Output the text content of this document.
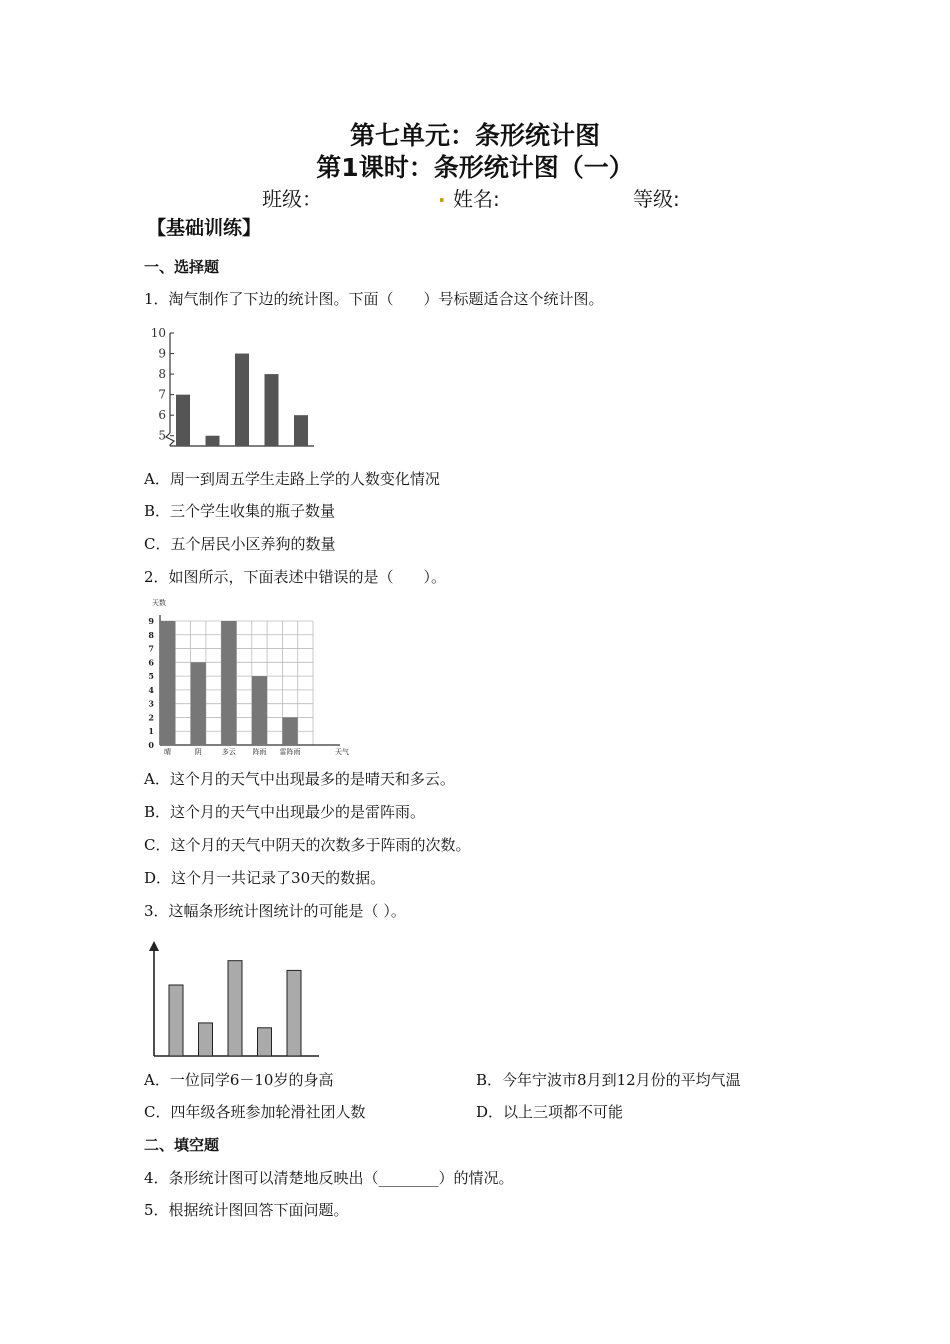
第七单元：条形统计图
第1课时：条形统计图（一）
班级：	. 姓名:	等级:
【基础训练】
一、选择题
1．淘气制作了下边的统计图。下面（　　）号标题适合这个统计图。
10
9
8
7
6
5
A．周一到周五学生走路上学的人数变化情况
B．三个学生收集的瓶子数量
C．五个居民小区养狗的数量
2．如图所示，下面表述中错误的是（　　）。
0
1
2
3
4
5
6
7
8
9
天数
天气
晴	阴	多云 阵雨 雷阵雨
A．这个月的天气中出现最多的是晴天和多云。
B．这个月的天气中出现最少的是雷阵雨。
C．这个月的天气中阴天的次数多于阵雨的次数。
D．这个月一共记录了30天的数据。
3．这幅条形统计图统计的可能是（ ）。
A．一位同学6－10岁的身高	B．今年宁波市8月到12月份的平均气温
C．四年级各班参加轮滑社团人数	D．以上三项都不可能
二、填空题
4．条形统计图可以清楚地反映出（________）的情况。
5．根据统计图回答下面问题。
